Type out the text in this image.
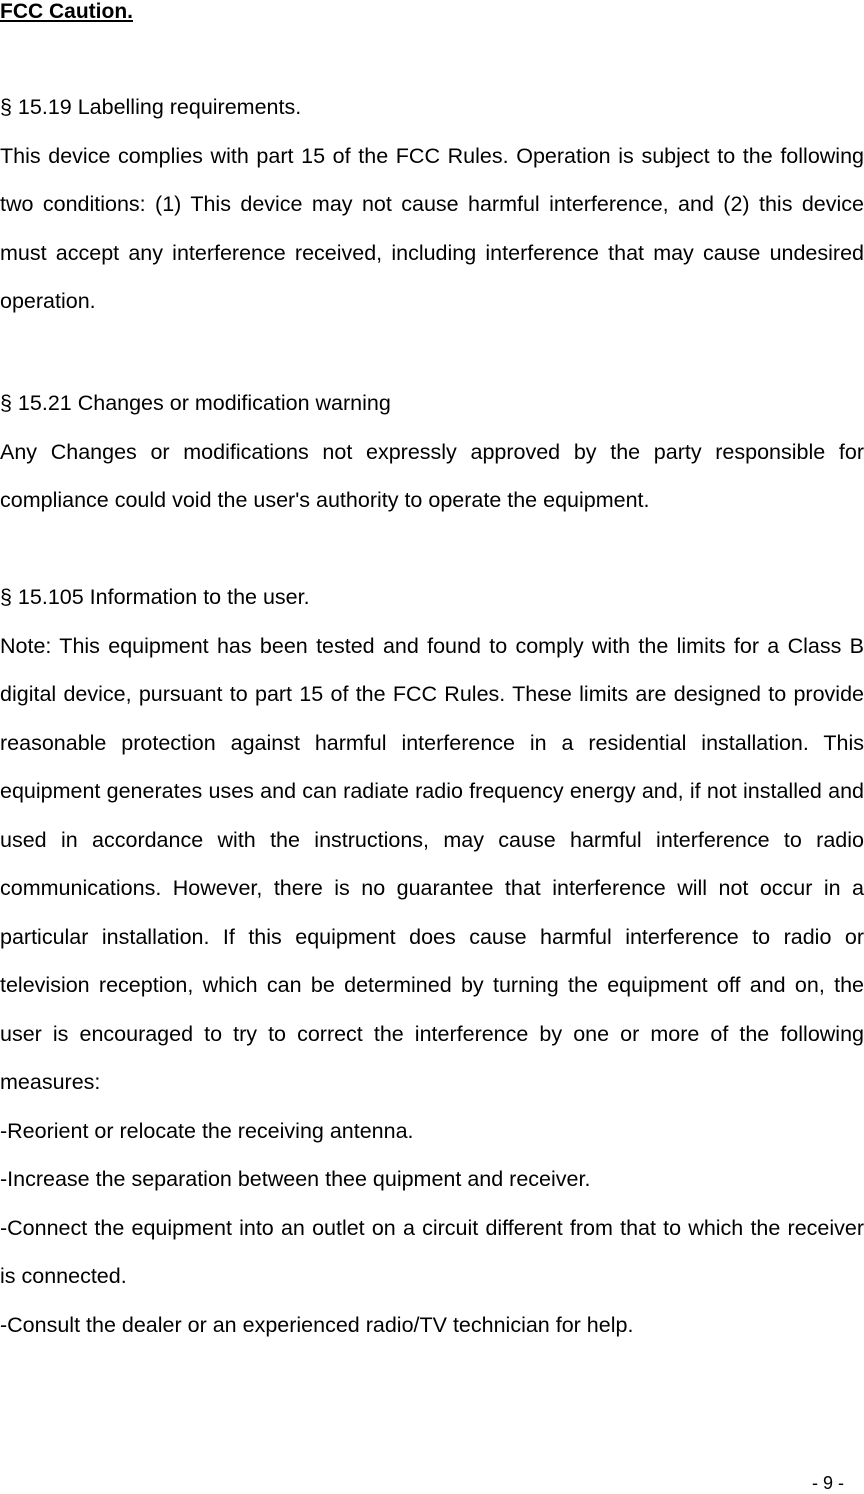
FCC Caution.
§ 15.19 Labelling requirements.

This device complies with part 15 of the FCC Rules. Operation is subject to the following two conditions: (1) This device may not cause harmful interference, and (2) this device must accept any interference received, including interference that may cause undesired operation.

§ 15.21 Changes or modification warning

Any Changes or modifications not expressly approved by the party responsible for compliance could void the user's authority to operate the equipment.

§ 15.105 Information to the user.

Note: This equipment has been tested and found to comply with the limits for a Class B digital device, pursuant to part 15 of the FCC Rules. These limits are designed to provide reasonable protection against harmful interference in a residential installation. This equipment generates uses and can radiate radio frequency energy and, if not installed and used in accordance with the instructions, may cause harmful interference to radio communications. However, there is no guarantee that interference will not occur in a particular installation. If this equipment does cause harmful interference to radio or television reception, which can be determined by turning the equipment off and on, the user is encouraged to try to correct the interference by one or more of the following measures:

-Reorient or relocate the receiving antenna.
-Increase the separation between thee quipment and receiver.
-Connect the equipment into an outlet on a circuit different from that to which the receiver is connected.
-Consult the dealer or an experienced radio/TV technician for help.
- 9 -
